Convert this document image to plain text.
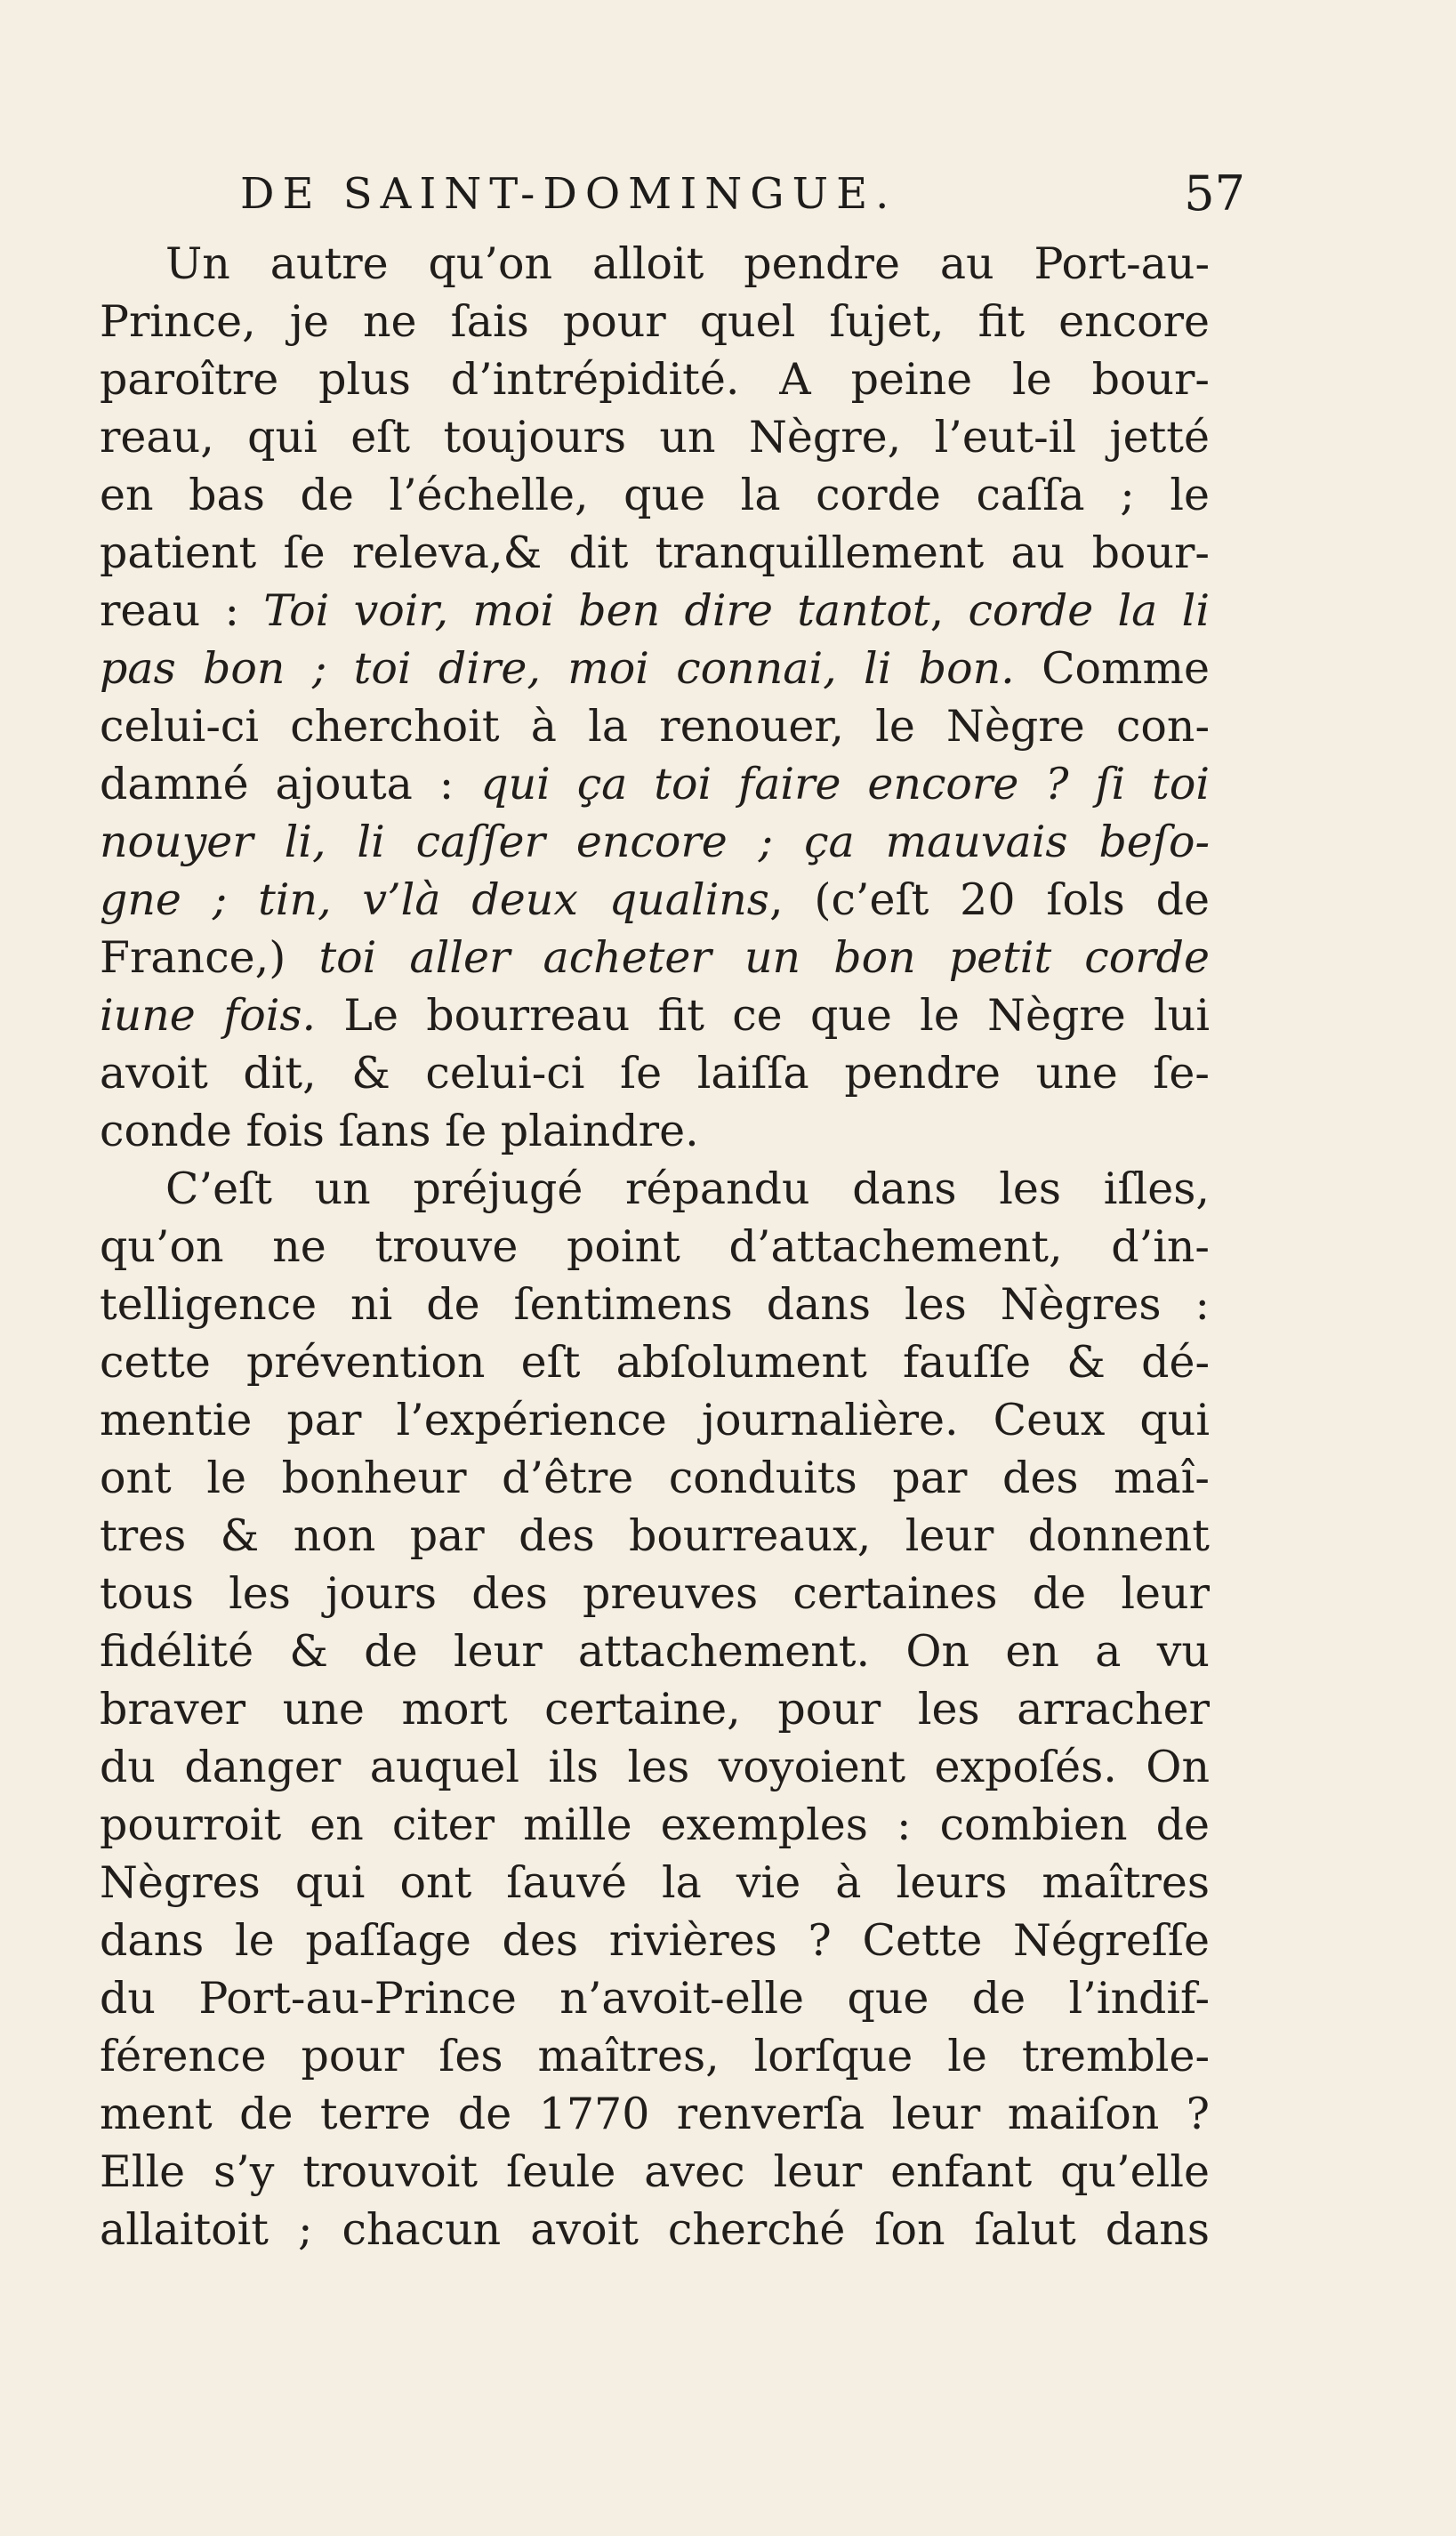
DE SAINT-DOMINGUE.	57
Un autre qu’on alloit pendre au Port-au-
Prince, je ne ſais pour quel ſujet, fit encore
paroître plus d’intrépidité. A peine le bour-
reau, qui eſt toujours un Nègre, l’eut-il jetté
en bas de l’échelle, que la corde caſſa ; le
patient ſe releva,& dit tranquillement au bour-
reau : Toi voir, moi ben dire tantot, corde la li
pas bon ; toi dire, moi connai, li bon. Comme
celui-ci cherchoit à la renouer, le Nègre con-
damné ajouta : qui ça toi faire encore ? ſi toi
nouyer li, li caſſer encore ; ça mauvais beſo-
gne ; tin, v’là deux qualins, (c’eſt 20 ſols de
France,) toi aller acheter un bon petit corde
iune fois. Le bourreau fit ce que le Nègre lui
avoit dit, & celui-ci ſe laiſſa pendre une ſe-
conde fois ſans ſe plaindre.
C’eſt un préjugé répandu dans les iſles,
qu’on ne trouve point d’attachement, d’in-
telligence ni de ſentimens dans les Nègres :
cette prévention eſt abſolument fauſſe & dé-
mentie par l’expérience journalière. Ceux qui
ont le bonheur d’être conduits par des maî-
tres & non par des bourreaux, leur donnent
tous les jours des preuves certaines de leur
fidélité & de leur attachement. On en a vu
braver une mort certaine, pour les arracher
du danger auquel ils les voyoient expoſés. On
pourroit en citer mille exemples : combien de
Nègres qui ont ſauvé la vie à leurs maîtres
dans le paſſage des rivières ? Cette Négreſſe
du Port-au-Prince n’avoit-elle que de l’indif-
férence pour ſes maîtres, lorſque le tremble-
ment de terre de 1770 renverſa leur maiſon ?
Elle s’y trouvoit ſeule avec leur enfant qu’elle
allaitoit ; chacun avoit cherché ſon ſalut dans
